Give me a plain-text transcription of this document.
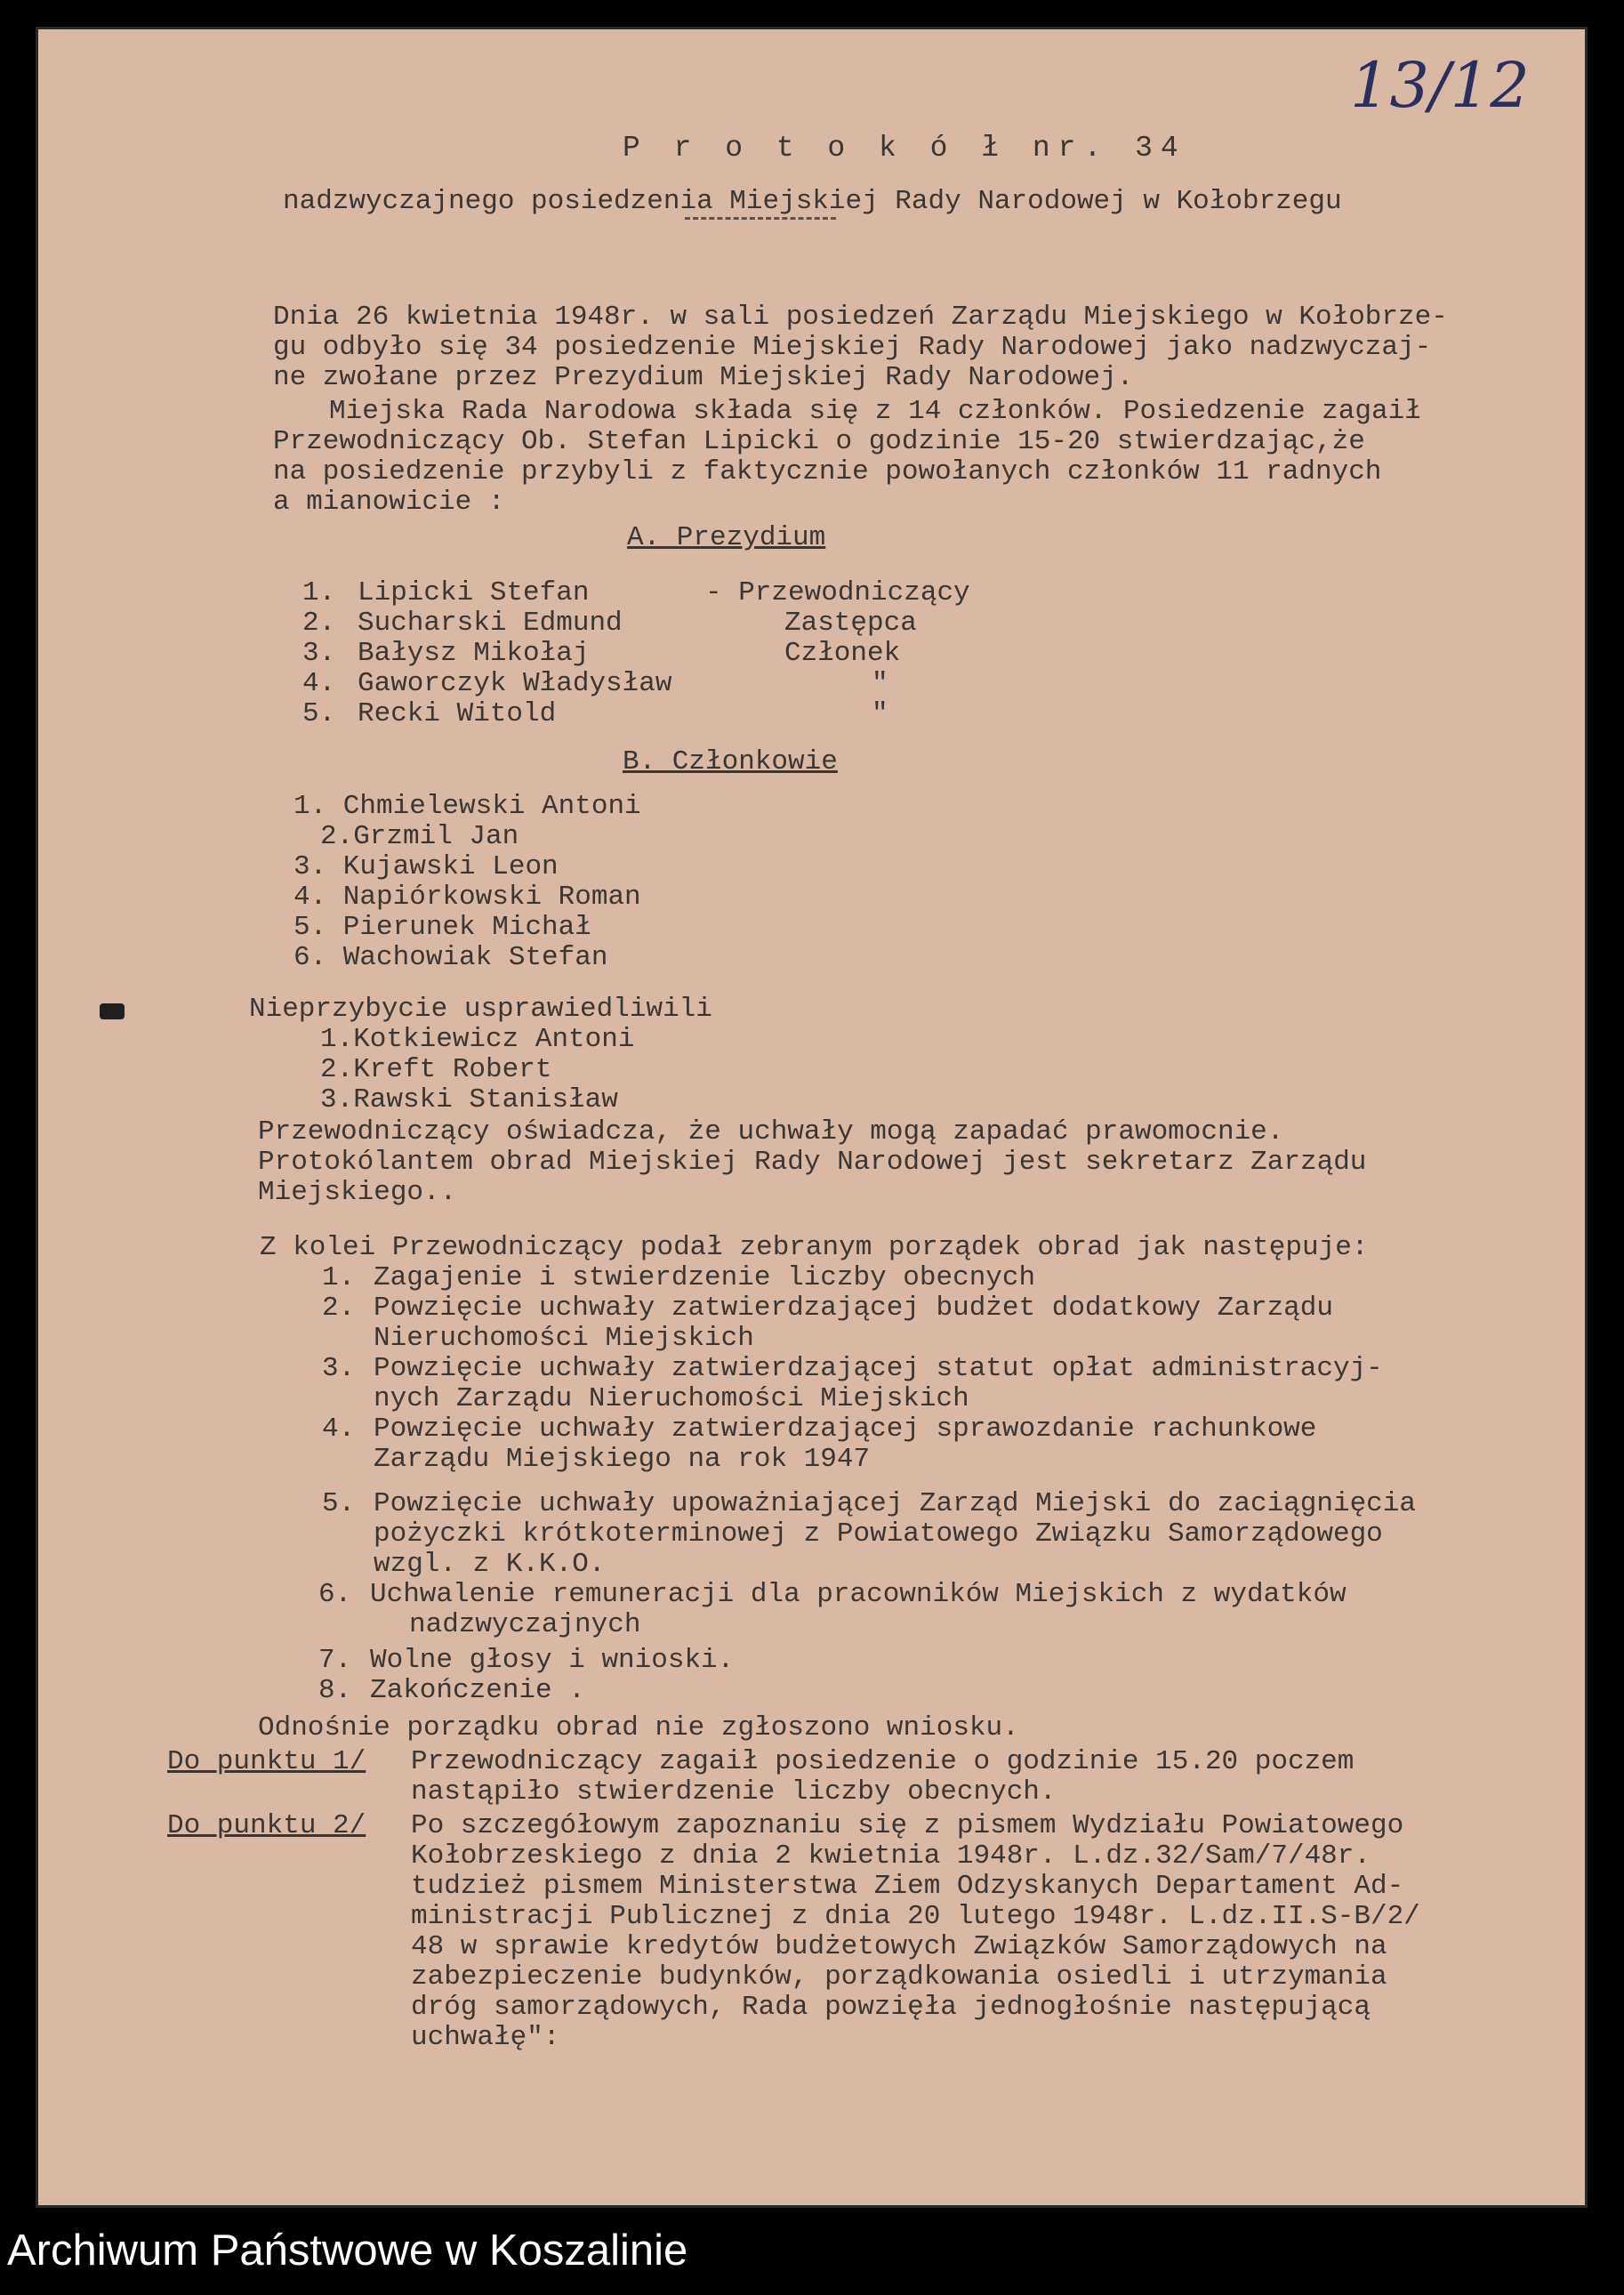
13/12
P r o t o k ó ł nr. 34
nadzwyczajnego posiedzenia Miejskiej Rady Narodowej w Kołobrzegu
Dnia 26 kwietnia 1948r. w sali posiedzeń Zarządu Miejskiego w Kołobrze-
gu odbyło się 34 posiedzenie Miejskiej Rady Narodowej jako nadzwyczaj-
ne zwołane przez Prezydium Miejskiej Rady Narodowej.
Miejska Rada Narodowa składa się z 14 członków. Posiedzenie zagaił
Przewodniczący Ob. Stefan Lipicki o godzinie 15-20 stwierdzając,że
na posiedzenie przybyli z faktycznie powołanych członków 11 radnych
a mianowicie :
A. Prezydium
1. Lipicki Stefan	- Przewodniczący
2. Sucharski Edmund	Zastępca
3. Bałysz Mikołaj	Członek
4. Gaworczyk Władysław	"
5. Recki Witold	"
B. Członkowie
1. Chmielewski Antoni
2.Grzmil Jan
3. Kujawski Leon
4. Napiórkowski Roman
5. Pierunek Michał
6. Wachowiak Stefan
Nieprzybycie usprawiedliwili
1.Kotkiewicz Antoni
2.Kreft Robert
3.Rawski Stanisław
Przewodniczący oświadcza, że uchwały mogą zapadać prawomocnie.
Protokólantem obrad Miejskiej Rady Narodowej jest sekretarz Zarządu
Miejskiego..
Z kolei Przewodniczący podał zebranym porządek obrad jak następuje:
1. Zagajenie i stwierdzenie liczby obecnych
2. Powzięcie uchwały zatwierdzającej budżet dodatkowy Zarządu
Nieruchomości Miejskich
3. Powzięcie uchwały zatwierdzającej statut opłat administracyj-
nych Zarządu Nieruchomości Miejskich
4. Powzięcie uchwały zatwierdzającej sprawozdanie rachunkowe
Zarządu Miejskiego na rok 1947
5. Powzięcie uchwały upoważniającej Zarząd Miejski do zaciągnięcia
pożyczki krótkoterminowej z Powiatowego Związku Samorządowego
wzgl. z K.K.O.
6. Uchwalenie remuneracji dla pracowników Miejskich z wydatków
nadzwyczajnych
7. Wolne głosy i wnioski.
8. Zakończenie .
Odnośnie porządku obrad nie zgłoszono wniosku.
Do punktu 1/ Przewodniczący zagaił posiedzenie o godzinie 15.20 poczem
nastąpiło stwierdzenie liczby obecnych.
Do punktu 2/ Po szczegółowym zapoznaniu się z pismem Wydziału Powiatowego
Kołobrzeskiego z dnia 2 kwietnia 1948r. L.dz.32/Sam/7/48r.
tudzież pismem Ministerstwa Ziem Odzyskanych Departament Ad-
ministracji Publicznej z dnia 20 lutego 1948r. L.dz.II.S-B/2/
48 w sprawie kredytów budżetowych Związków Samorządowych na
zabezpieczenie budynków, porządkowania osiedli i utrzymania
dróg samorządowych, Rada powzięła jednogłośnie następującą
uchwałę":
Archiwum Państwowe w Koszalinie
